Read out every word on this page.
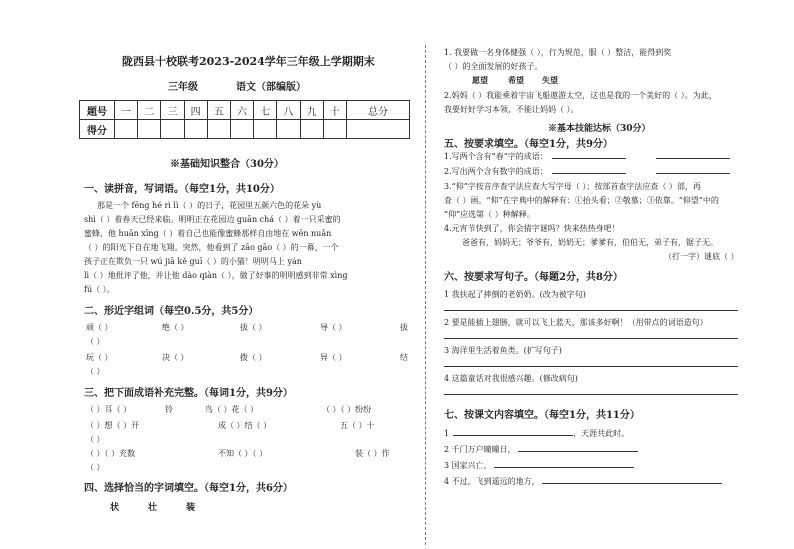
陇西县十校联考2023-2024学年三年级上学期期末
三年级	语文（部编版）
题号	一	二	三	四	五	六	七	八	九	十	总分
得分											
※基础知识整合（30分）
一、读拼音，写词语。（每空1分，共10分）
那是一个 fēng hé rì lì（ ）的日子，花园里五颜六色的花朵 yù
shì（ ）着春天已经来临。明明正在花园边 guān chá（ ）着一只采蜜的
蜜蜂，他 huān xīng（ ）着自己也能像蜜蜂那样自由地在 wēn nuǎn
（ ）的阳光下自在地飞翔。突然，他看到了 zāo gāo（ ）的一幕，一个
孩子正在欺负一只 wú jiā kě guī（ ）的小猫！明明马上 yán
lì（ ）地批评了他，并让他 dào qiàn（ ），做了好事的明明感到非常 xìng
fú（ ）。
二、形近字组词（每空0.5分，共5分）
顽（ ）	绝（ ）	拔（ ）	导（ ）	拔
（ ）
玩（ ）	决（ ）	拨（ ）	异（ ）	结
（ ）
三、把下面成语补充完整。（每词1分，共9分）
（ ）耳（ ）	铃	鸟（ ）花（ ）	（ ）（ ）纷纷
（ ）想（ ）开	成（ ）结（ ）	五（ ）十
（ ）
（ ）（ ）充数	不知（ ）（ ）	装（ ）作
（ ）
四、选择恰当的字词填空。（每空1分，共6分）
状	壮	装
1. 我要做一名身体健强（ ），行为规范，服（ ）整洁，能得到奖
（ ）的全面发展的好孩子。
愿望	希望 失望
2.妈妈（ ）我能乘着宇宙飞船遨游太空，这也是我的一个美好的（ ）。为此，
我要好好学习本领，不能让妈妈（ ）。
※基本技能达标（30分）
五、按要求填空。（每空1分，共9分）
1.写两个含有“春”字的成语：
2.写出两个含有数字的成语：
3.“仰”字按音序查字法应查大写字母（ ）；按部首查字法应查（ ）部，再
查（ ）画。“仰”在字典中的解释有：①抬头看；②敬慕；③依靠。“仰望”中的
“仰”应选第（ ）种解释。
4.元宵节快到了，你会猜字谜吗？快来热热身吧！
爸爸有，妈妈无；爷爷有，奶奶无；爹爹有，伯伯无，弟子有，锯子无。
（打一字）谜底（ ）
六、按要求写句子。（每题2分，共8分）
1 我扶起了摔倒的老奶奶。(改为被字句)
2 要是能插上翅膀，就可以飞上蓝天，那该多好啊！（用带点的词语造句）
3 海洋里生活着鱼类。(扩写句子)
4 这篇童话对我很感兴趣。(修改病句)
七、按课文内容填空。（每空1分，共11分）
1	，天涯共此时。
2 千门万户曈曈日，
3 国家兴亡，
4 不过，飞到遥远的地方，
